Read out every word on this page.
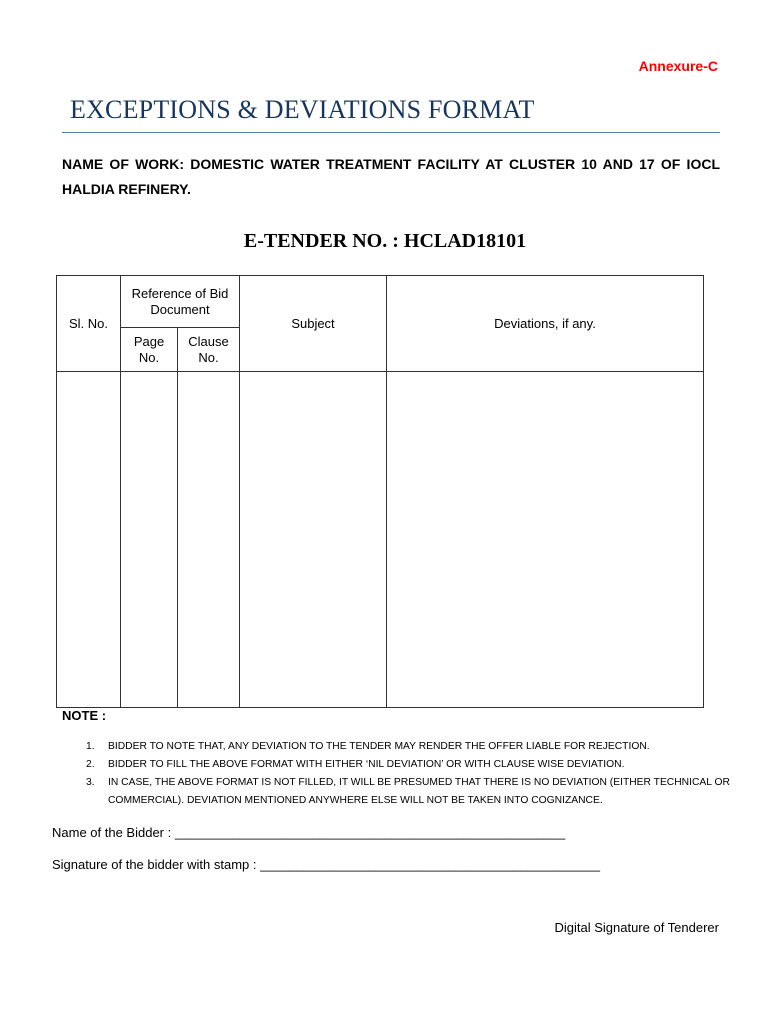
Annexure-C
EXCEPTIONS & DEVIATIONS FORMAT
NAME OF WORK: DOMESTIC WATER TREATMENT FACILITY AT CLUSTER 10 AND 17 OF IOCL HALDIA REFINERY.
E-TENDER NO. : HCLAD18101
Sl. No.	Reference of Bid Document		Subject	Deviations, if any.

	Page No.	Clause No.		

NOTE :
1. BIDDER TO NOTE THAT, ANY DEVIATION TO THE TENDER MAY RENDER THE OFFER LIABLE FOR REJECTION.
2. BIDDER TO FILL THE ABOVE FORMAT WITH EITHER ‘NIL DEVIATION’ OR WITH CLAUSE WISE DEVIATION.
3. IN CASE, THE ABOVE FORMAT IS NOT FILLED, IT WILL BE PRESUMED THAT THERE IS NO DEVIATION (EITHER TECHNICAL OR COMMERCIAL). DEVIATION MENTIONED ANYWHERE ELSE WILL NOT BE TAKEN INTO COGNIZANCE.
Name of the Bidder : ______________________________________________________
Signature of the bidder with stamp : _______________________________________________
Digital Signature of Tenderer
